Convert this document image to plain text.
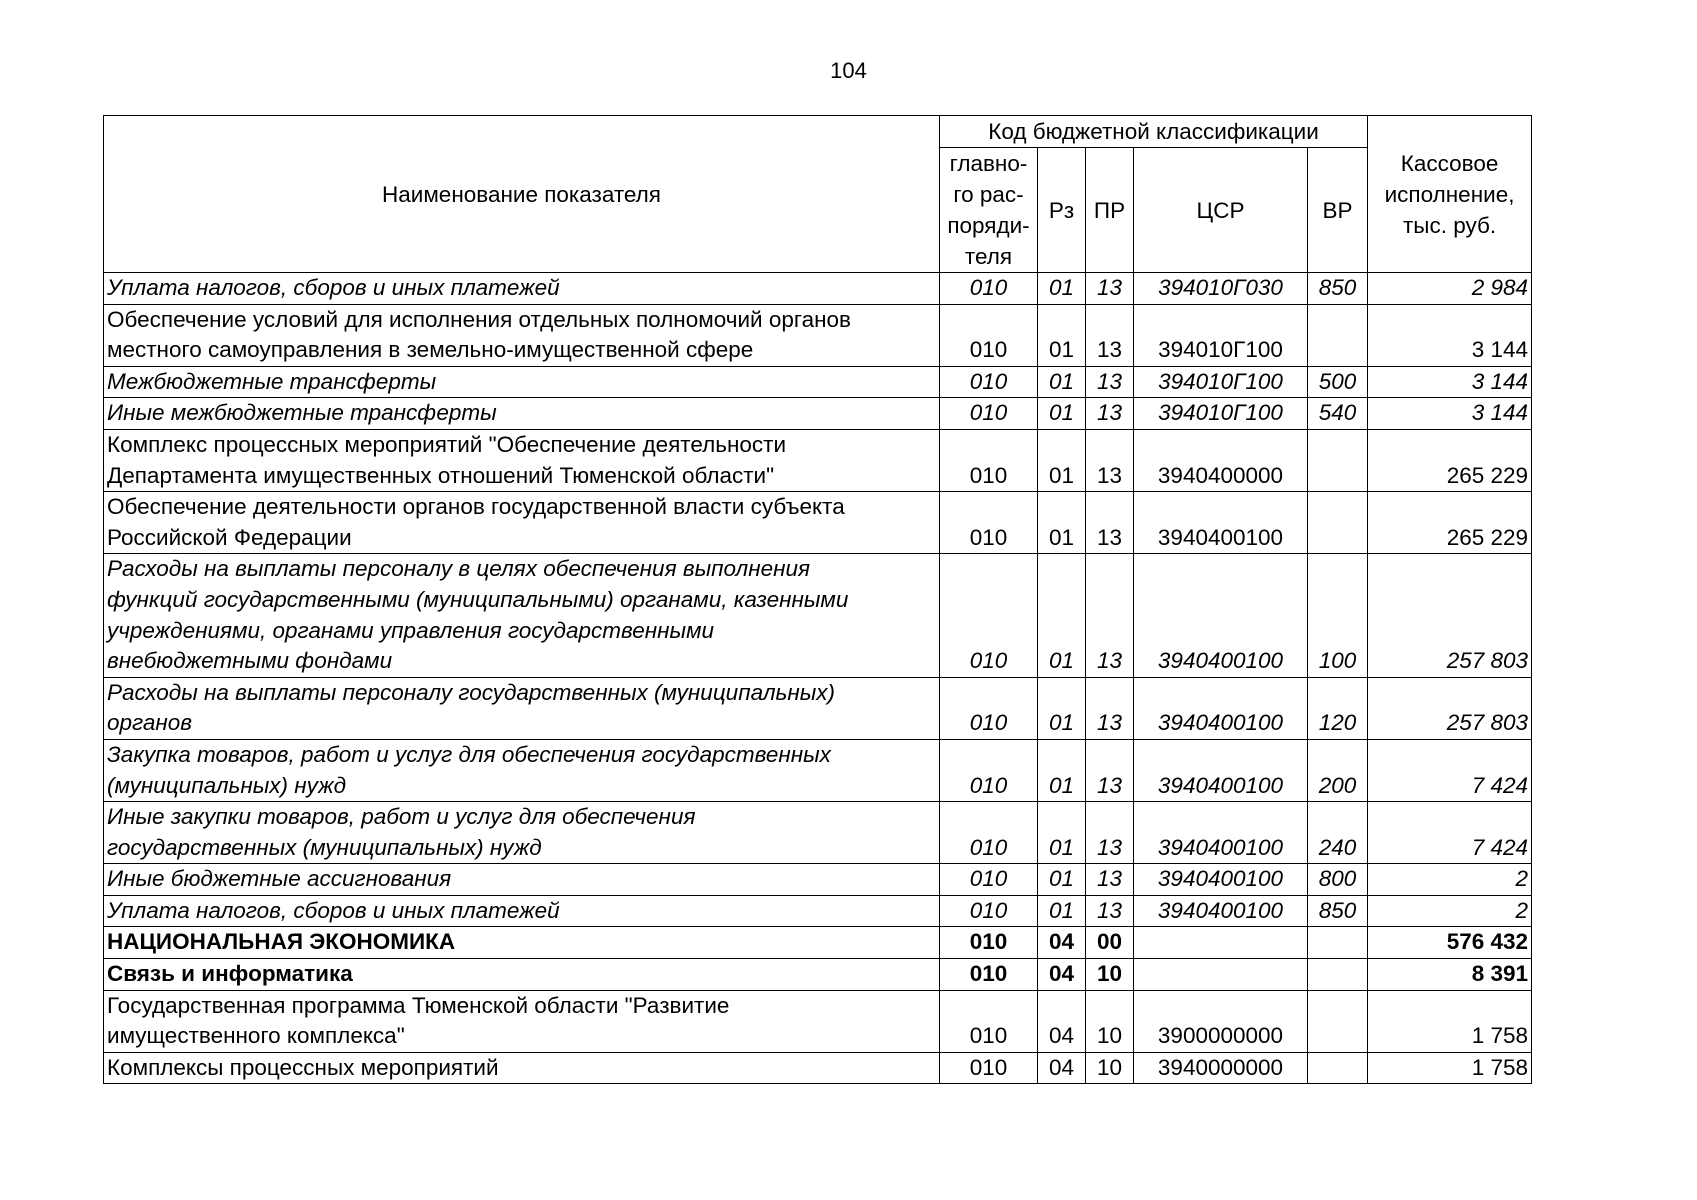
104
Наименование показателя	Код бюджетной классификации					Кассовое
исполнение,
тыс. руб.

	главно-
го рас-
поряди-
теля	Рз	ПР	ЦСР	ВР	

Уплата налогов, сборов и иных платежей	010	01	13	394010Г030	850	2 984

Обеспечение условий для исполнения отдельных полномочий органов
местного самоуправления в земельно-имущественной сфере	010	01	13	394010Г100		3 144

Межбюджетные трансферты	010	01	13	394010Г100	500	3 144

Иные межбюджетные трансферты	010	01	13	394010Г100	540	3 144

Комплекс процессных мероприятий "Обеспечение деятельности
Департамента имущественных отношений Тюменской области"	010	01	13	3940400000		265 229

Обеспечение деятельности органов государственной власти субъекта
Российской Федерации	010	01	13	3940400100		265 229

Расходы на выплаты персоналу в целях обеспечения выполнения
функций государственными (муниципальными) органами, казенными
учреждениями, органами управления государственными
внебюджетными фондами	010	01	13	3940400100	100	257 803

Расходы на выплаты персоналу государственных (муниципальных)
органов	010	01	13	3940400100	120	257 803

Закупка товаров, работ и услуг для обеспечения государственных
(муниципальных) нужд	010	01	13	3940400100	200	7 424

Иные закупки товаров, работ и услуг для обеспечения
государственных (муниципальных) нужд	010	01	13	3940400100	240	7 424

Иные бюджетные ассигнования	010	01	13	3940400100	800	2

Уплата налогов, сборов и иных платежей	010	01	13	3940400100	850	2

НАЦИОНАЛЬНАЯ ЭКОНОМИКА	010	04	00			576 432

Связь и информатика	010	04	10			8 391

Государственная программа Тюменской области "Развитие
имущественного комплекса"	010	04	10	3900000000		1 758

Комплексы процессных мероприятий	010	04	10	3940000000		1 758
